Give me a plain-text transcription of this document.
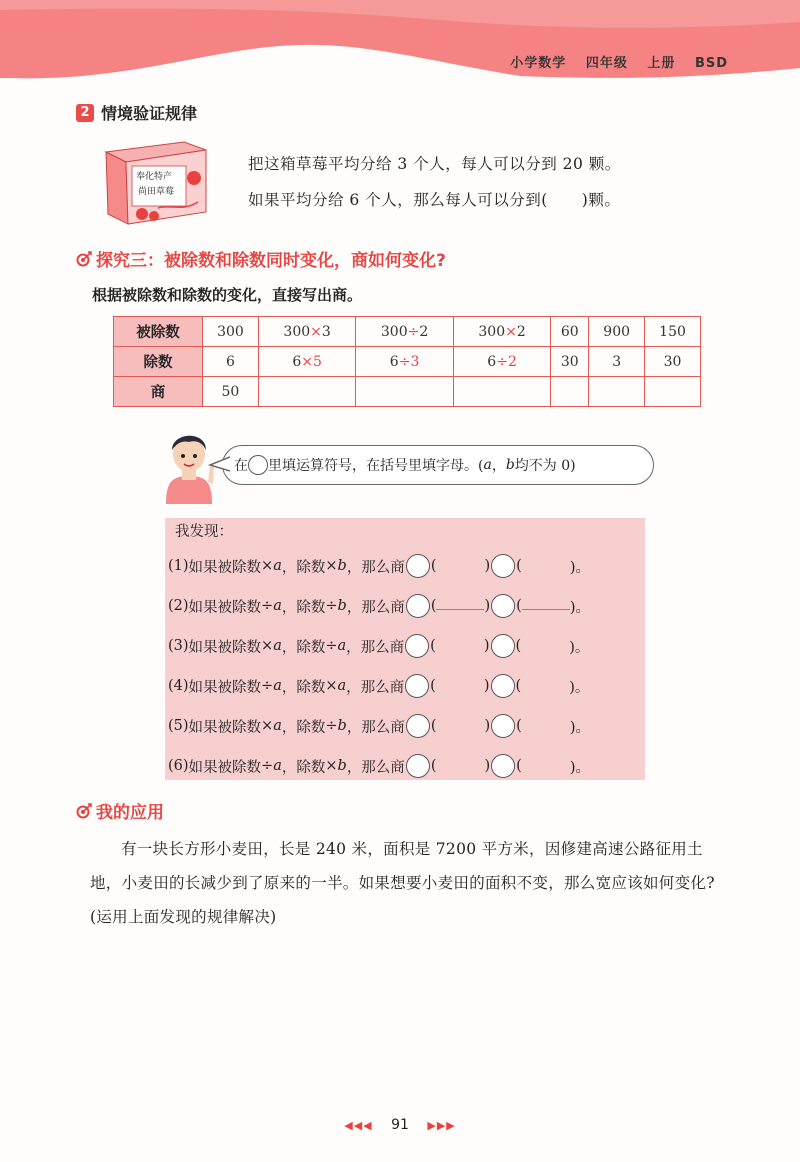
小学数学 四年级 上册 BSD
2 情境验证规律
奉化特产
尚田草莓
把这箱草莓平均分给 3 个人，每人可以分到 20 颗。
如果平均分给 6 个人，那么每人可以分到( )颗。
探究三：被除数和除数同时变化，商如何变化?
根据被除数和除数的变化，直接写出商。
被除数	300	300×3	300÷2	300×2	60	900	150
除数	6	6×5	6÷3	6÷2	30	3	30
商	50						
在 里填运算符号，在括号里填字母。( a ， b 均不为 0)
我发现：
(1) 如果被除数 × a ，除数 × b ，那么商 (	) (	)。
(2) 如果被除数 ÷ a ，除数 ÷ b ，那么商 (	) (	)。
(3) 如果被除数 × a ，除数 ÷ a ，那么商 (	) (	)。
(4) 如果被除数 ÷ a ，除数 × a ，那么商 (	) (	)。
(5) 如果被除数 × a ，除数 ÷ b ，那么商 (	) (	)。
(6) 如果被除数 ÷ a ，除数 × b ，那么商 (	) (	)。
我的应用
有一块长方形小麦田，长是 240 米，面积是 7200 平方米，因修建高速公路征用土地，小麦田的长减少到了原来的一半。如果想要小麦田的面积不变，那么宽应该如何变化?(运用上面发现的规律解决)
◀◀◀ 91 ▶▶▶
